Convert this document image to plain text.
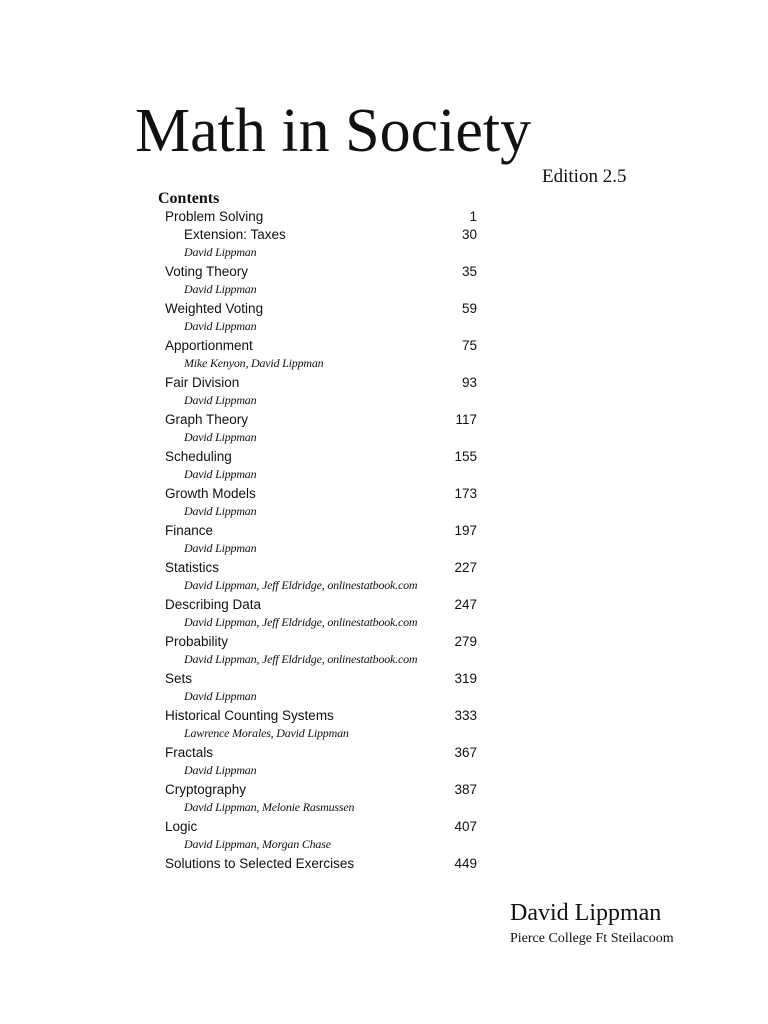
Math in Society
Edition 2.5
Contents
Problem Solving	1
Extension: Taxes	30
David Lippman
Voting Theory	35
David Lippman
Weighted Voting	59
David Lippman
Apportionment	75
Mike Kenyon, David Lippman
Fair Division	93
David Lippman
Graph Theory	117
David Lippman
Scheduling	155
David Lippman
Growth Models	173
David Lippman
Finance	197
David Lippman
Statistics	227
David Lippman, Jeff Eldridge, onlinestatbook.com
Describing Data	247
David Lippman, Jeff Eldridge, onlinestatbook.com
Probability	279
David Lippman, Jeff Eldridge, onlinestatbook.com
Sets	319
David Lippman
Historical Counting Systems	333
Lawrence Morales, David Lippman
Fractals	367
David Lippman
Cryptography	387
David Lippman, Melonie Rasmussen
Logic	407
David Lippman, Morgan Chase
Solutions to Selected Exercises	449
David Lippman
Pierce College Ft Steilacoom
